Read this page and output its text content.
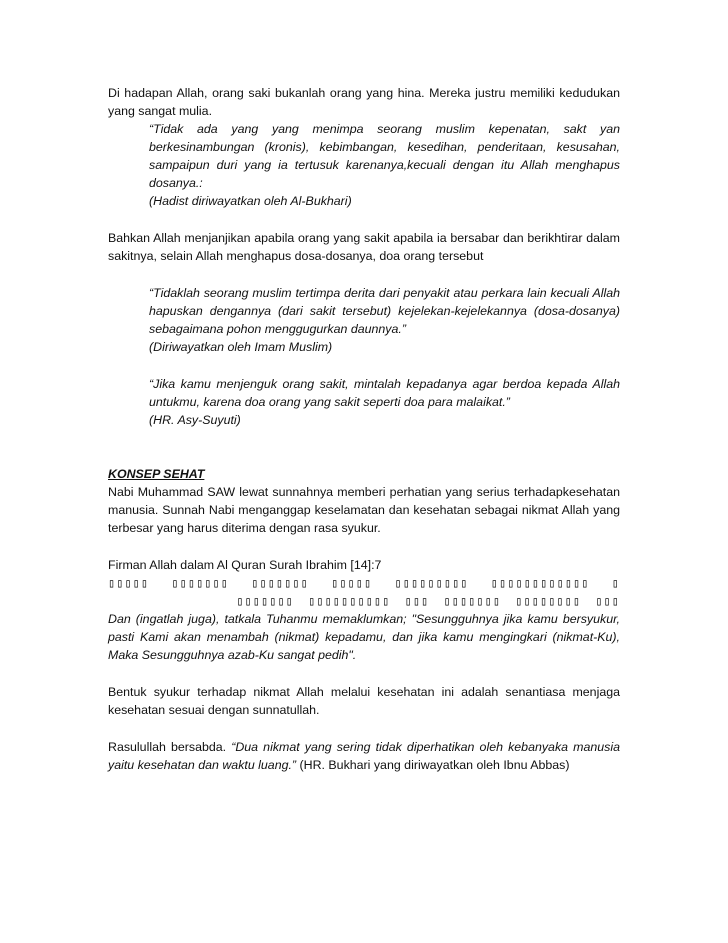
Di hadapan Allah, orang saki bukanlah orang yang hina. Mereka justru memiliki kedudukan yang sangat mulia.

“Tidak ada yang yang menimpa seorang muslim kepenatan, sakt yan berkesinambungan (kronis), kebimbangan, kesedihan, penderitaan, kesusahan, sampaipun duri yang ia tertusuk karenanya,kecuali dengan itu Allah menghapus dosanya.:

(Hadist diriwayatkan oleh Al-Bukhari)

Bahkan Allah menjanjikan apabila orang yang sakit apabila ia bersabar dan berikhtirar dalam sakitnya, selain Allah menghapus dosa-dosanya, doa orang tersebut

“Tidaklah seorang muslim tertimpa derita dari penyakit atau perkara lain kecuali Allah hapuskan dengannya (dari sakit tersebut) kejelekan-kejelekannya (dosa-dosanya) sebagaimana pohon menggugurkan daunnya.”

(Diriwayatkan oleh Imam Muslim)

“Jika kamu menjenguk orang sakit, mintalah kepadanya agar berdoa kepada Allah untukmu, karena doa orang yang sakit seperti doa para malaikat.”

(HR. Asy-Suyuti)

KONSEP SEHAT

Nabi Muhammad SAW lewat sunnahnya memberi perhatian yang serius terhadapkesehatan manusia. Sunnah Nabi menganggap keselamatan dan kesehatan sebagai nikmat Allah yang terbesar yang harus diterima dengan rasa syukur.

Firman Allah dalam Al Quran Surah Ibrahim [14]:7

▯▯▯▯▯ ▯▯▯▯▯▯▯ ▯▯▯▯▯▯▯ ▯▯▯▯▯ ▯▯▯▯▯▯▯▯▯ ▯▯▯▯▯▯▯▯▯▯▯▯ ▯ ▯▯▯▯▯▯▯ ▯▯▯▯▯▯▯▯▯▯ ▯▯▯ ▯▯▯▯▯▯▯ ▯▯▯▯▯▯▯▯ ▯▯▯

Dan (ingatlah juga), tatkala Tuhanmu memaklumkan; "Sesungguhnya jika kamu bersyukur, pasti Kami akan menambah (nikmat) kepadamu, dan jika kamu mengingkari (nikmat-Ku), Maka Sesungguhnya azab-Ku sangat pedih".

Bentuk syukur terhadap nikmat Allah melalui kesehatan ini adalah senantiasa menjaga kesehatan sesuai dengan sunnatullah.

Rasulullah bersabda. “Dua nikmat yang sering tidak diperhatikan oleh kebanyaka manusia yaitu kesehatan dan waktu luang.” (HR. Bukhari yang diriwayatkan oleh Ibnu Abbas)
